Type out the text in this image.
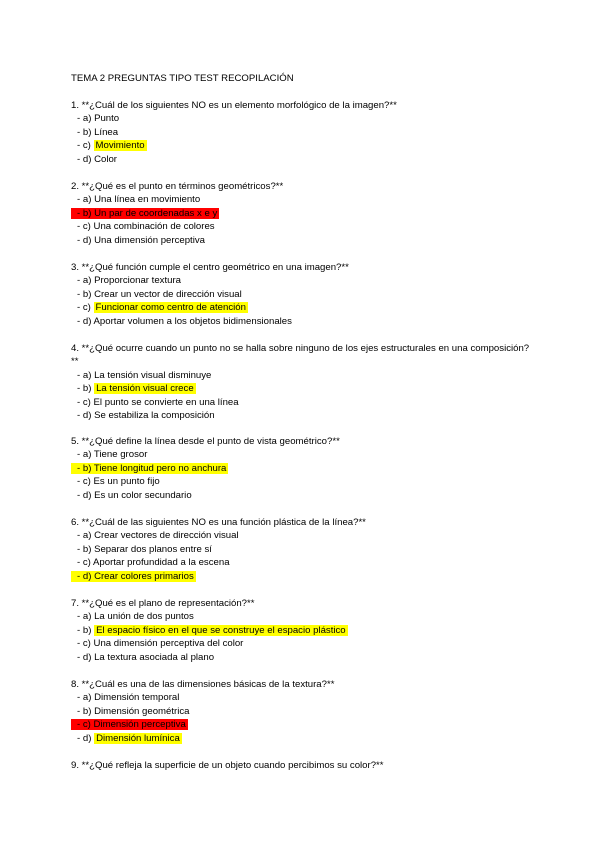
TEMA 2 PREGUNTAS TIPO TEST RECOPILACIÓN

1. **¿Cuál de los siguientes NO es un elemento morfológico de la imagen?**

- a) Punto
- b) Línea
- c) Movimiento
- d) Color

2. **¿Qué es el punto en términos geométricos?**

- a) Una línea en movimiento
- b) Un par de coordenadas x e y
- c) Una combinación de colores
- d) Una dimensión perceptiva

3. **¿Qué función cumple el centro geométrico en una imagen?**

- a) Proporcionar textura
- b) Crear un vector de dirección visual
- c) Funcionar como centro de atención
- d) Aportar volumen a los objetos bidimensionales

4. **¿Qué ocurre cuando un punto no se halla sobre ninguno de los ejes estructurales en una composición?**

- a) La tensión visual disminuye
- b) La tensión visual crece
- c) El punto se convierte en una línea
- d) Se estabiliza la composición

5. **¿Qué define la línea desde el punto de vista geométrico?**

- a) Tiene grosor
- b) Tiene longitud pero no anchura
- c) Es un punto fijo
- d) Es un color secundario

6. **¿Cuál de las siguientes NO es una función plástica de la línea?**

- a) Crear vectores de dirección visual
- b) Separar dos planos entre sí
- c) Aportar profundidad a la escena
- d) Crear colores primarios

7. **¿Qué es el plano de representación?**

- a) La unión de dos puntos
- b) El espacio físico en el que se construye el espacio plástico
- c) Una dimensión perceptiva del color
- d) La textura asociada al plano

8. **¿Cuál es una de las dimensiones básicas de la textura?**

- a) Dimensión temporal
- b) Dimensión geométrica
- c) Dimensión perceptiva
- d) Dimensión lumínica

9. **¿Qué refleja la superficie de un objeto cuando percibimos su color?**
